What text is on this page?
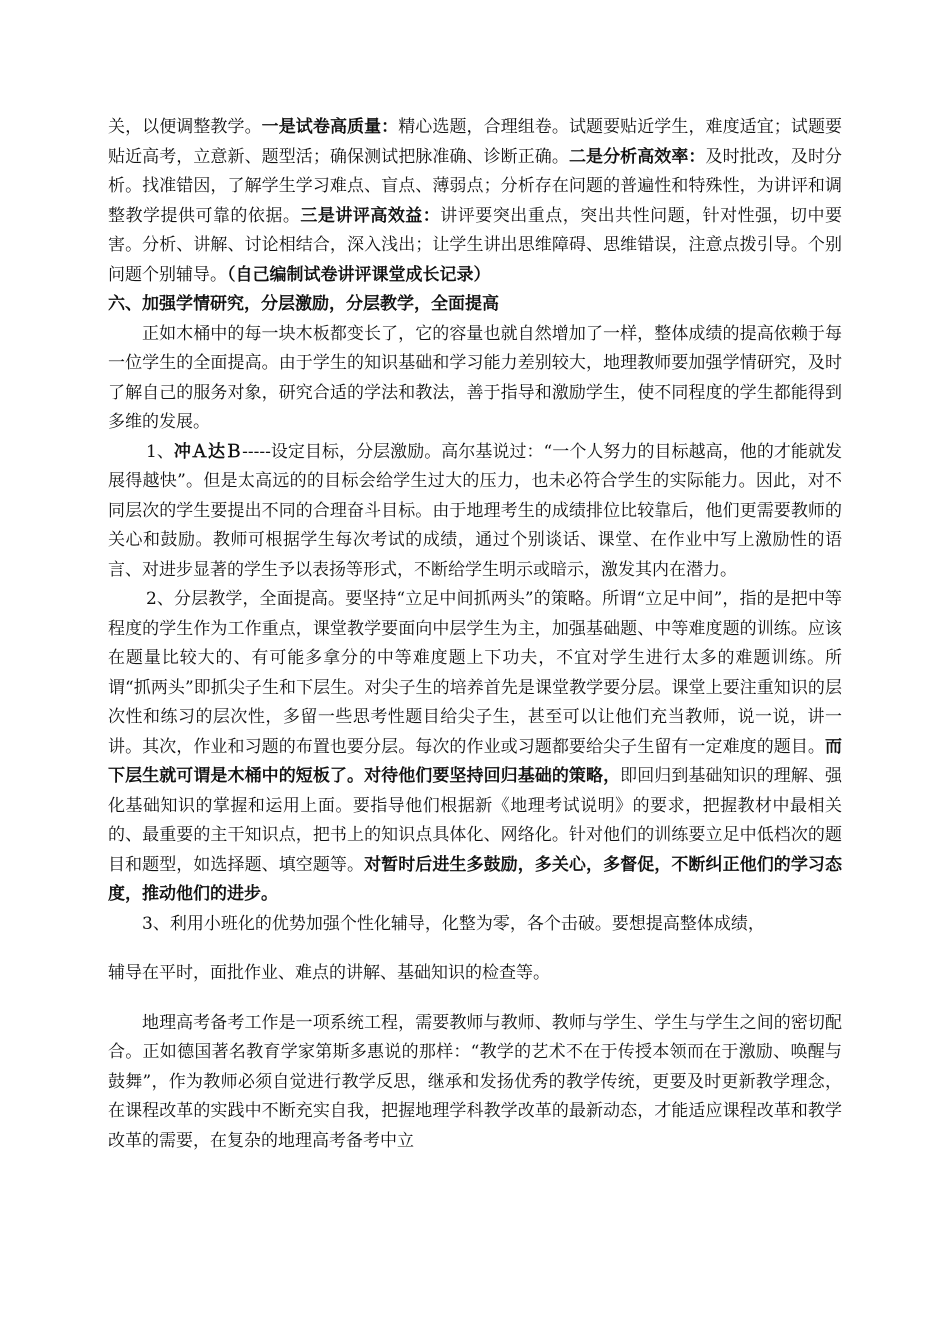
关，以便调整教学。一是试卷高质量：精心选题，合理组卷。试题要贴近学生，难度适宜；试题要贴近高考，立意新、题型活；确保测试把脉准确、诊断正确。二是分析高效率：及时批改，及时分析。找准错因，了解学生学习难点、盲点、薄弱点；分析存在问题的普遍性和特殊性，为讲评和调整教学提供可靠的依据。三是讲评高效益：讲评要突出重点，突出共性问题，针对性强，切中要害。分析、讲解、讨论相结合，深入浅出；让学生讲出思维障碍、思维错误，注意点拨引导。个别问题个别辅导。（自己编制试卷讲评课堂成长记录）

六、加强学情研究，分层激励，分层教学，全面提高

正如木桶中的每一块木板都变长了，它的容量也就自然增加了一样，整体成绩的提高依赖于每一位学生的全面提高。由于学生的知识基础和学习能力差别较大，地理教师要加强学情研究，及时了解自己的服务对象，研究合适的学法和教法，善于指导和激励学生，使不同程度的学生都能得到多维的发展。

1、冲Ａ达Ｂ-----设定目标，分层激励。高尔基说过：“一个人努力的目标越高，他的才能就发展得越快”。但是太高远的的目标会给学生过大的压力，也未必符合学生的实际能力。因此，对不同层次的学生要提出不同的合理奋斗目标。由于地理考生的成绩排位比较靠后，他们更需要教师的关心和鼓励。教师可根据学生每次考试的成绩，通过个别谈话、课堂、在作业中写上激励性的语言、对进步显著的学生予以表扬等形式，不断给学生明示或暗示，激发其内在潜力。

2、分层教学，全面提高。要坚持“立足中间抓两头”的策略。所谓“立足中间”，指的是把中等程度的学生作为工作重点，课堂教学要面向中层学生为主，加强基础题、中等难度题的训练。应该在题量比较大的、有可能多拿分的中等难度题上下功夫，不宜对学生进行太多的难题训练。所谓“抓两头”即抓尖子生和下层生。对尖子生的培养首先是课堂教学要分层。课堂上要注重知识的层次性和练习的层次性，多留一些思考性题目给尖子生，甚至可以让他们充当教师，说一说，讲一讲。其次，作业和习题的布置也要分层。每次的作业或习题都要给尖子生留有一定难度的题目。而下层生就可谓是木桶中的短板了。对待他们要坚持回归基础的策略，即回归到基础知识的理解、强化基础知识的掌握和运用上面。要指导他们根据新《地理考试说明》的要求，把握教材中最相关的、最重要的主干知识点，把书上的知识点具体化、网络化。针对他们的训练要立足中低档次的题目和题型，如选择题、填空题等。对暂时后进生多鼓励，多关心，多督促，不断纠正他们的学习态度，推动他们的进步。

3、利用小班化的优势加强个性化辅导，化整为零，各个击破。要想提高整体成绩，

辅导在平时，面批作业、难点的讲解、基础知识的检查等。

地理高考备考工作是一项系统工程，需要教师与教师、教师与学生、学生与学生之间的密切配合。正如德国著名教育学家第斯多惠说的那样：“教学的艺术不在于传授本领而在于激励、唤醒与鼓舞”，作为教师必须自觉进行教学反思，继承和发扬优秀的教学传统，更要及时更新教学理念，在课程改革的实践中不断充实自我，把握地理学科教学改革的最新动态，才能适应课程改革和教学改革的需要，在复杂的地理高考备考中立
